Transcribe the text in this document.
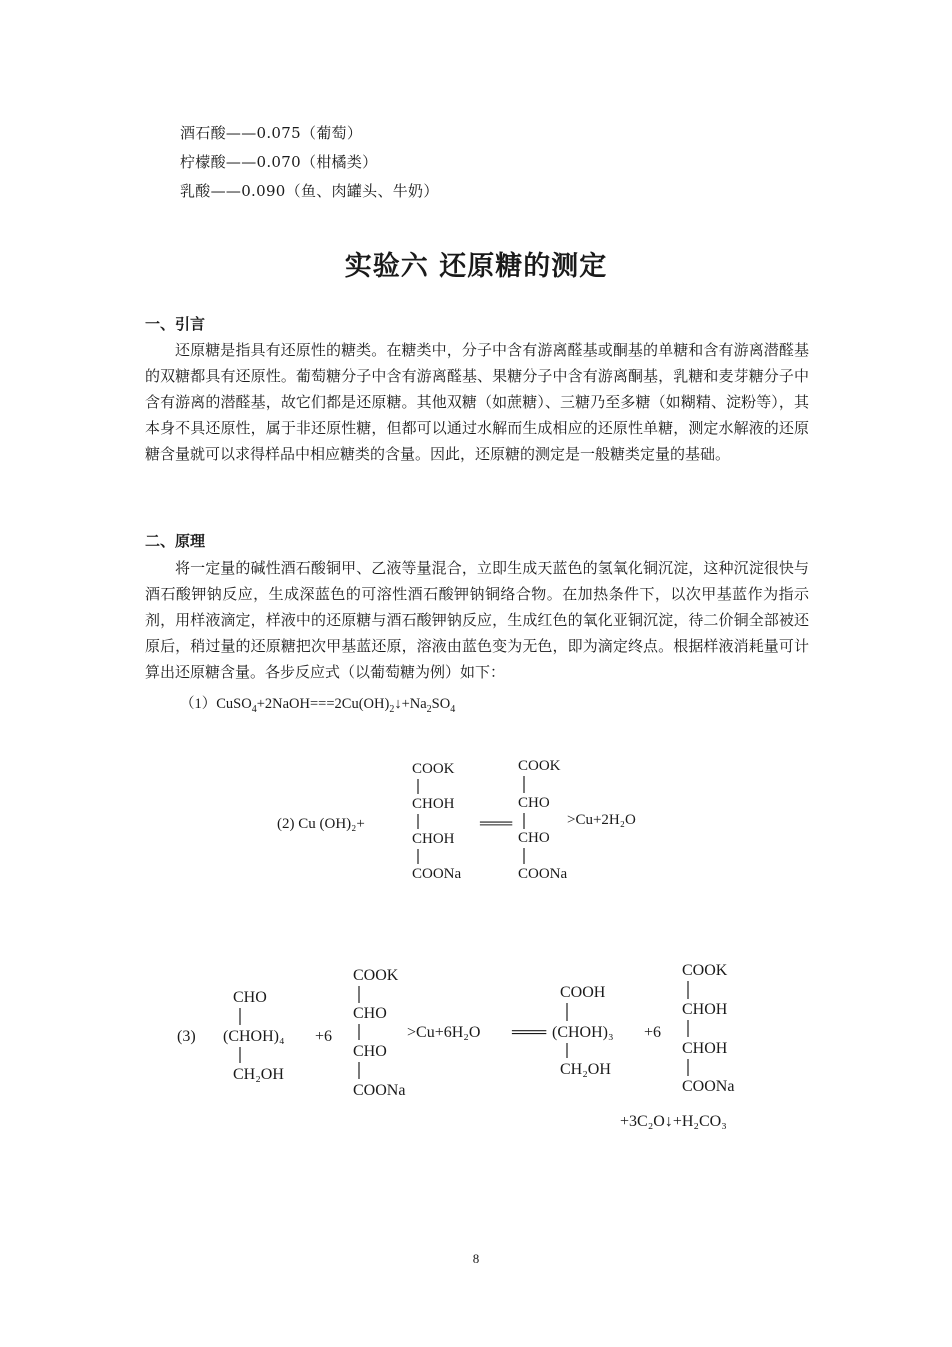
酒石酸——0.075（葡萄）
柠檬酸——0.070（柑橘类）
乳酸——0.090（鱼、肉罐头、牛奶）
实验六 还原糖的测定
一、引言
还原糖是指具有还原性的糖类。在糖类中，分子中含有游离醛基或酮基的单糖和含有游离潜醛基的双糖都具有还原性。葡萄糖分子中含有游离醛基、果糖分子中含有游离酮基，乳糖和麦芽糖分子中含有游离的潜醛基，故它们都是还原糖。其他双糖（如蔗糖）、三糖乃至多糖（如糊精、淀粉等），其本身不具还原性，属于非还原性糖，但都可以通过水解而生成相应的还原性单糖，测定水解液的还原糖含量就可以求得样品中相应糖类的含量。因此，还原糖的测定是一般糖类定量的基础。
二、原理
将一定量的碱性酒石酸铜甲、乙液等量混合，立即生成天蓝色的氢氧化铜沉淀，这种沉淀很快与酒石酸钾钠反应，生成深蓝色的可溶性酒石酸钾钠铜络合物。在加热条件下，以次甲基蓝作为指示剂，用样液滴定，样液中的还原糖与酒石酸钾钠反应，生成红色的氧化亚铜沉淀，待二价铜全部被还原后，稍过量的还原糖把次甲基蓝还原，溶液由蓝色变为无色，即为滴定终点。根据样液消耗量可计算出还原糖含量。各步反应式（以葡萄糖为例）如下：
$(1)CuSO_4+2NaOH===2Cu(OH)_2↓+Na_2SO_4$
(2) Cu (OH)₂+
COOK
CHOH
CHOH
COONa
═
COOK
CHO
CHO
COONa
>Cu+2H₂O
(3)
CHO
(CHOH)₄
CH₂OH
+6
COOK
CHO
CHO
COONa
>Cu+6H₂O ═
COOH
(CHOH)₃
CH₂OH
+6
COOK
CHOH
CHOH
COONa
+3C₂O↓+H₂CO₃
8
